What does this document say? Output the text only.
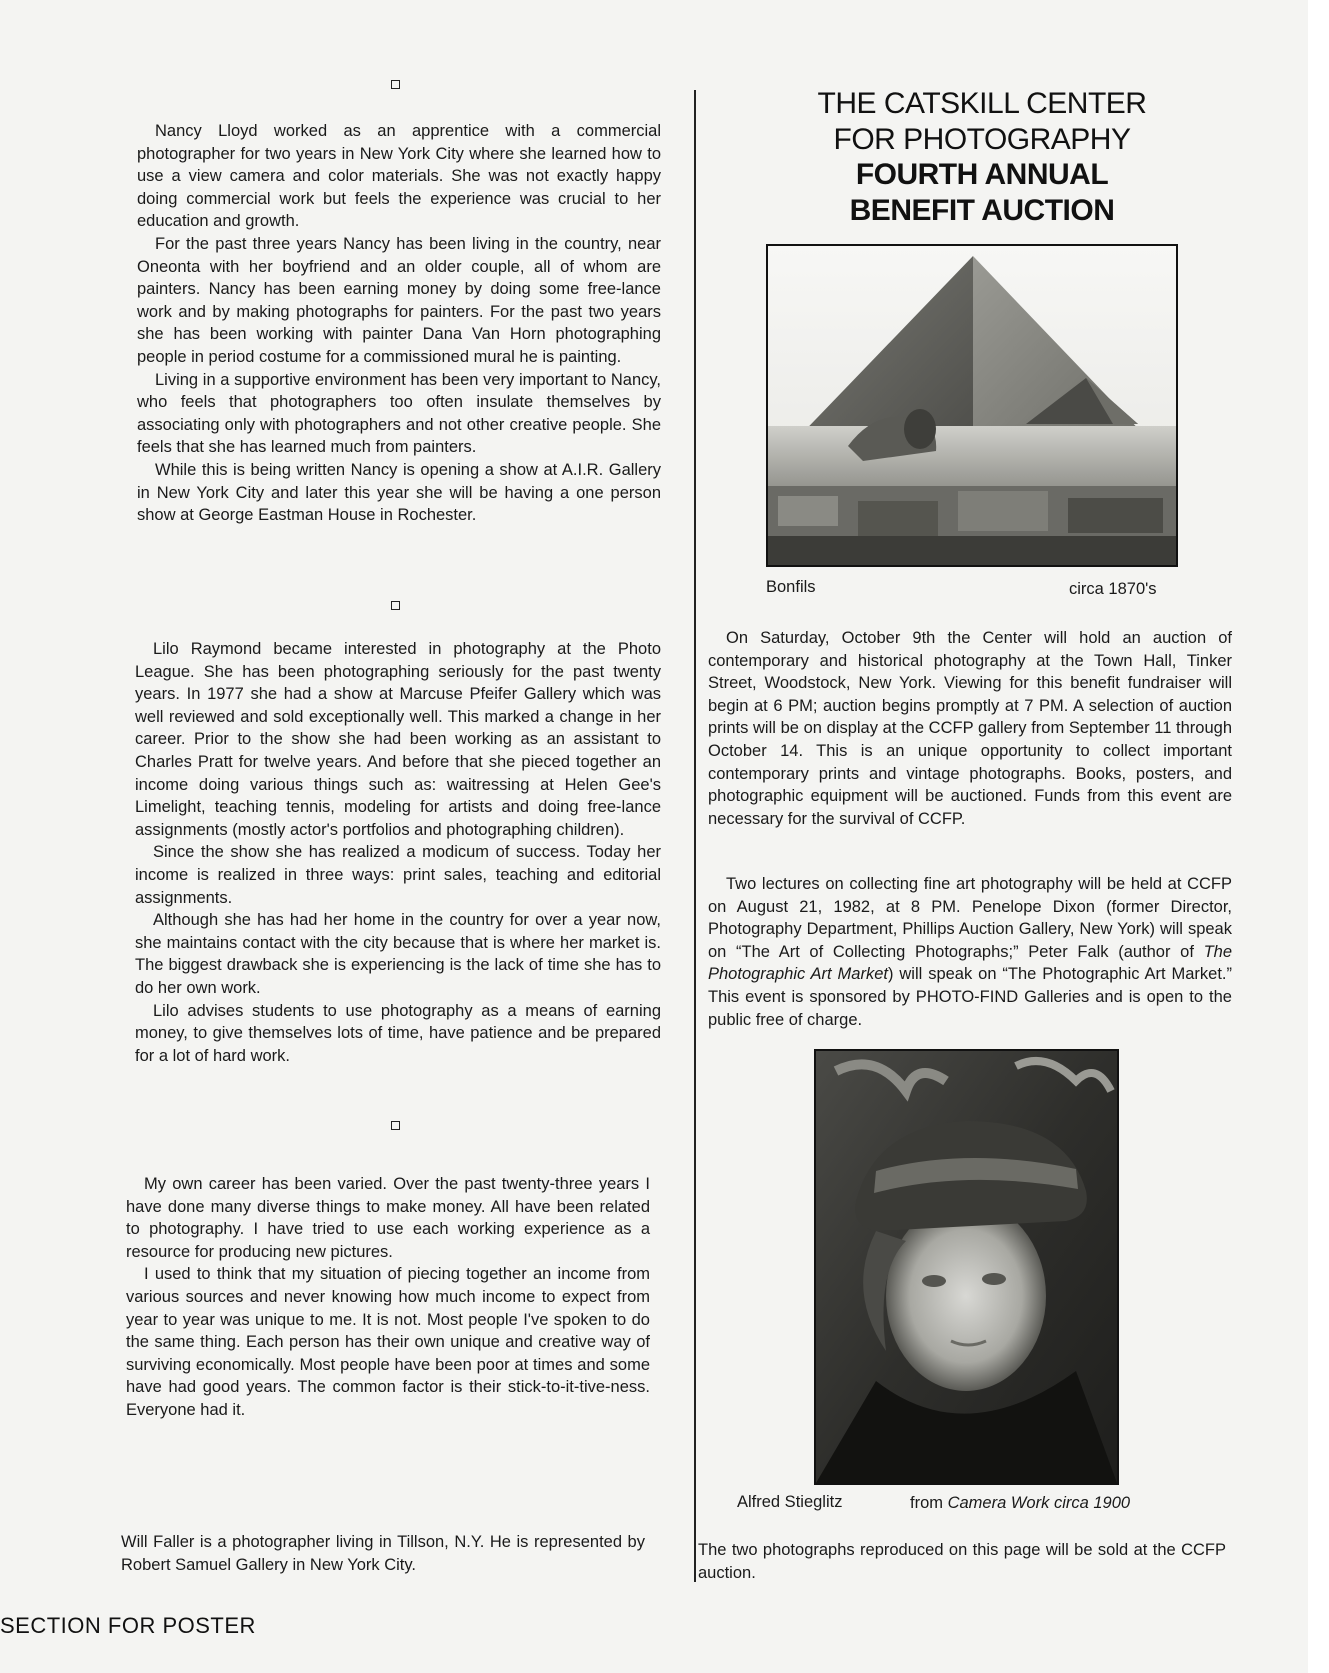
Nancy Lloyd worked as an apprentice with a commercial photographer for two years in New York City where she learned how to use a view camera and color materials. She was not exactly happy doing commercial work but feels the experience was crucial to her education and growth.

For the past three years Nancy has been living in the country, near Oneonta with her boyfriend and an older couple, all of whom are painters. Nancy has been earning money by doing some free-lance work and by making photographs for painters. For the past two years she has been working with painter Dana Van Horn photographing people in period costume for a commissioned mural he is painting.

Living in a supportive environment has been very important to Nancy, who feels that photographers too often insulate themselves by associating only with photographers and not other creative people. She feels that she has learned much from painters.

While this is being written Nancy is opening a show at A.I.R. Gallery in New York City and later this year she will be having a one person show at George Eastman House in Rochester.

Lilo Raymond became interested in photography at the Photo League. She has been photographing seriously for the past twenty years. In 1977 she had a show at Marcuse Pfeifer Gallery which was well reviewed and sold exceptionally well. This marked a change in her career. Prior to the show she had been working as an assistant to Charles Pratt for twelve years. And before that she pieced together an income doing various things such as: waitressing at Helen Gee's Limelight, teaching tennis, modeling for artists and doing free-lance assignments (mostly actor's portfolios and photographing children).

Since the show she has realized a modicum of success. Today her income is realized in three ways: print sales, teaching and editorial assignments.

Although she has had her home in the country for over a year now, she maintains contact with the city because that is where her market is. The biggest drawback she is experiencing is the lack of time she has to do her own work.

Lilo advises students to use photography as a means of earning money, to give themselves lots of time, have patience and be prepared for a lot of hard work.

My own career has been varied. Over the past twenty-three years I have done many diverse things to make money. All have been related to photography. I have tried to use each working experience as a resource for producing new pictures.

I used to think that my situation of piecing together an income from various sources and never knowing how much income to expect from year to year was unique to me. It is not. Most people I've spoken to do the same thing. Each person has their own unique and creative way of surviving economically. Most people have been poor at times and some have had good years. The common factor is their stick-to-it-tive-ness. Everyone had it.

Will Faller is a photographer living in Tillson, N.Y. He is represented by Robert Samuel Gallery in New York City.

THE CATSKILL CENTER
FOR PHOTOGRAPHY
FOURTH ANNUAL
BENEFIT AUCTION
Bonfils	circa 1870's

On Saturday, October 9th the Center will hold an auction of contemporary and historical photography at the Town Hall, Tinker Street, Woodstock, New York. Viewing for this benefit fundraiser will begin at 6 PM; auction begins promptly at 7 PM. A selection of auction prints will be on display at the CCFP gallery from September 11 through October 14. This is an unique opportunity to collect important contemporary prints and vintage photographs. Books, posters, and photographic equipment will be auctioned. Funds from this event are necessary for the survival of CCFP.

Two lectures on collecting fine art photography will be held at CCFP on August 21, 1982, at 8 PM. Penelope Dixon (former Director, Photography Department, Phillips Auction Gallery, New York) will speak on “The Art of Collecting Photographs;” Peter Falk (author of The Photographic Art Market) will speak on “The Photographic Art Market.” This event is sponsored by PHOTO-FIND Galleries and is open to the public free of charge.

Alfred Stieglitz	from Camera Work circa 1900

The two photographs reproduced on this page will be sold at the CCFP auction.

SECTION FOR POSTER
